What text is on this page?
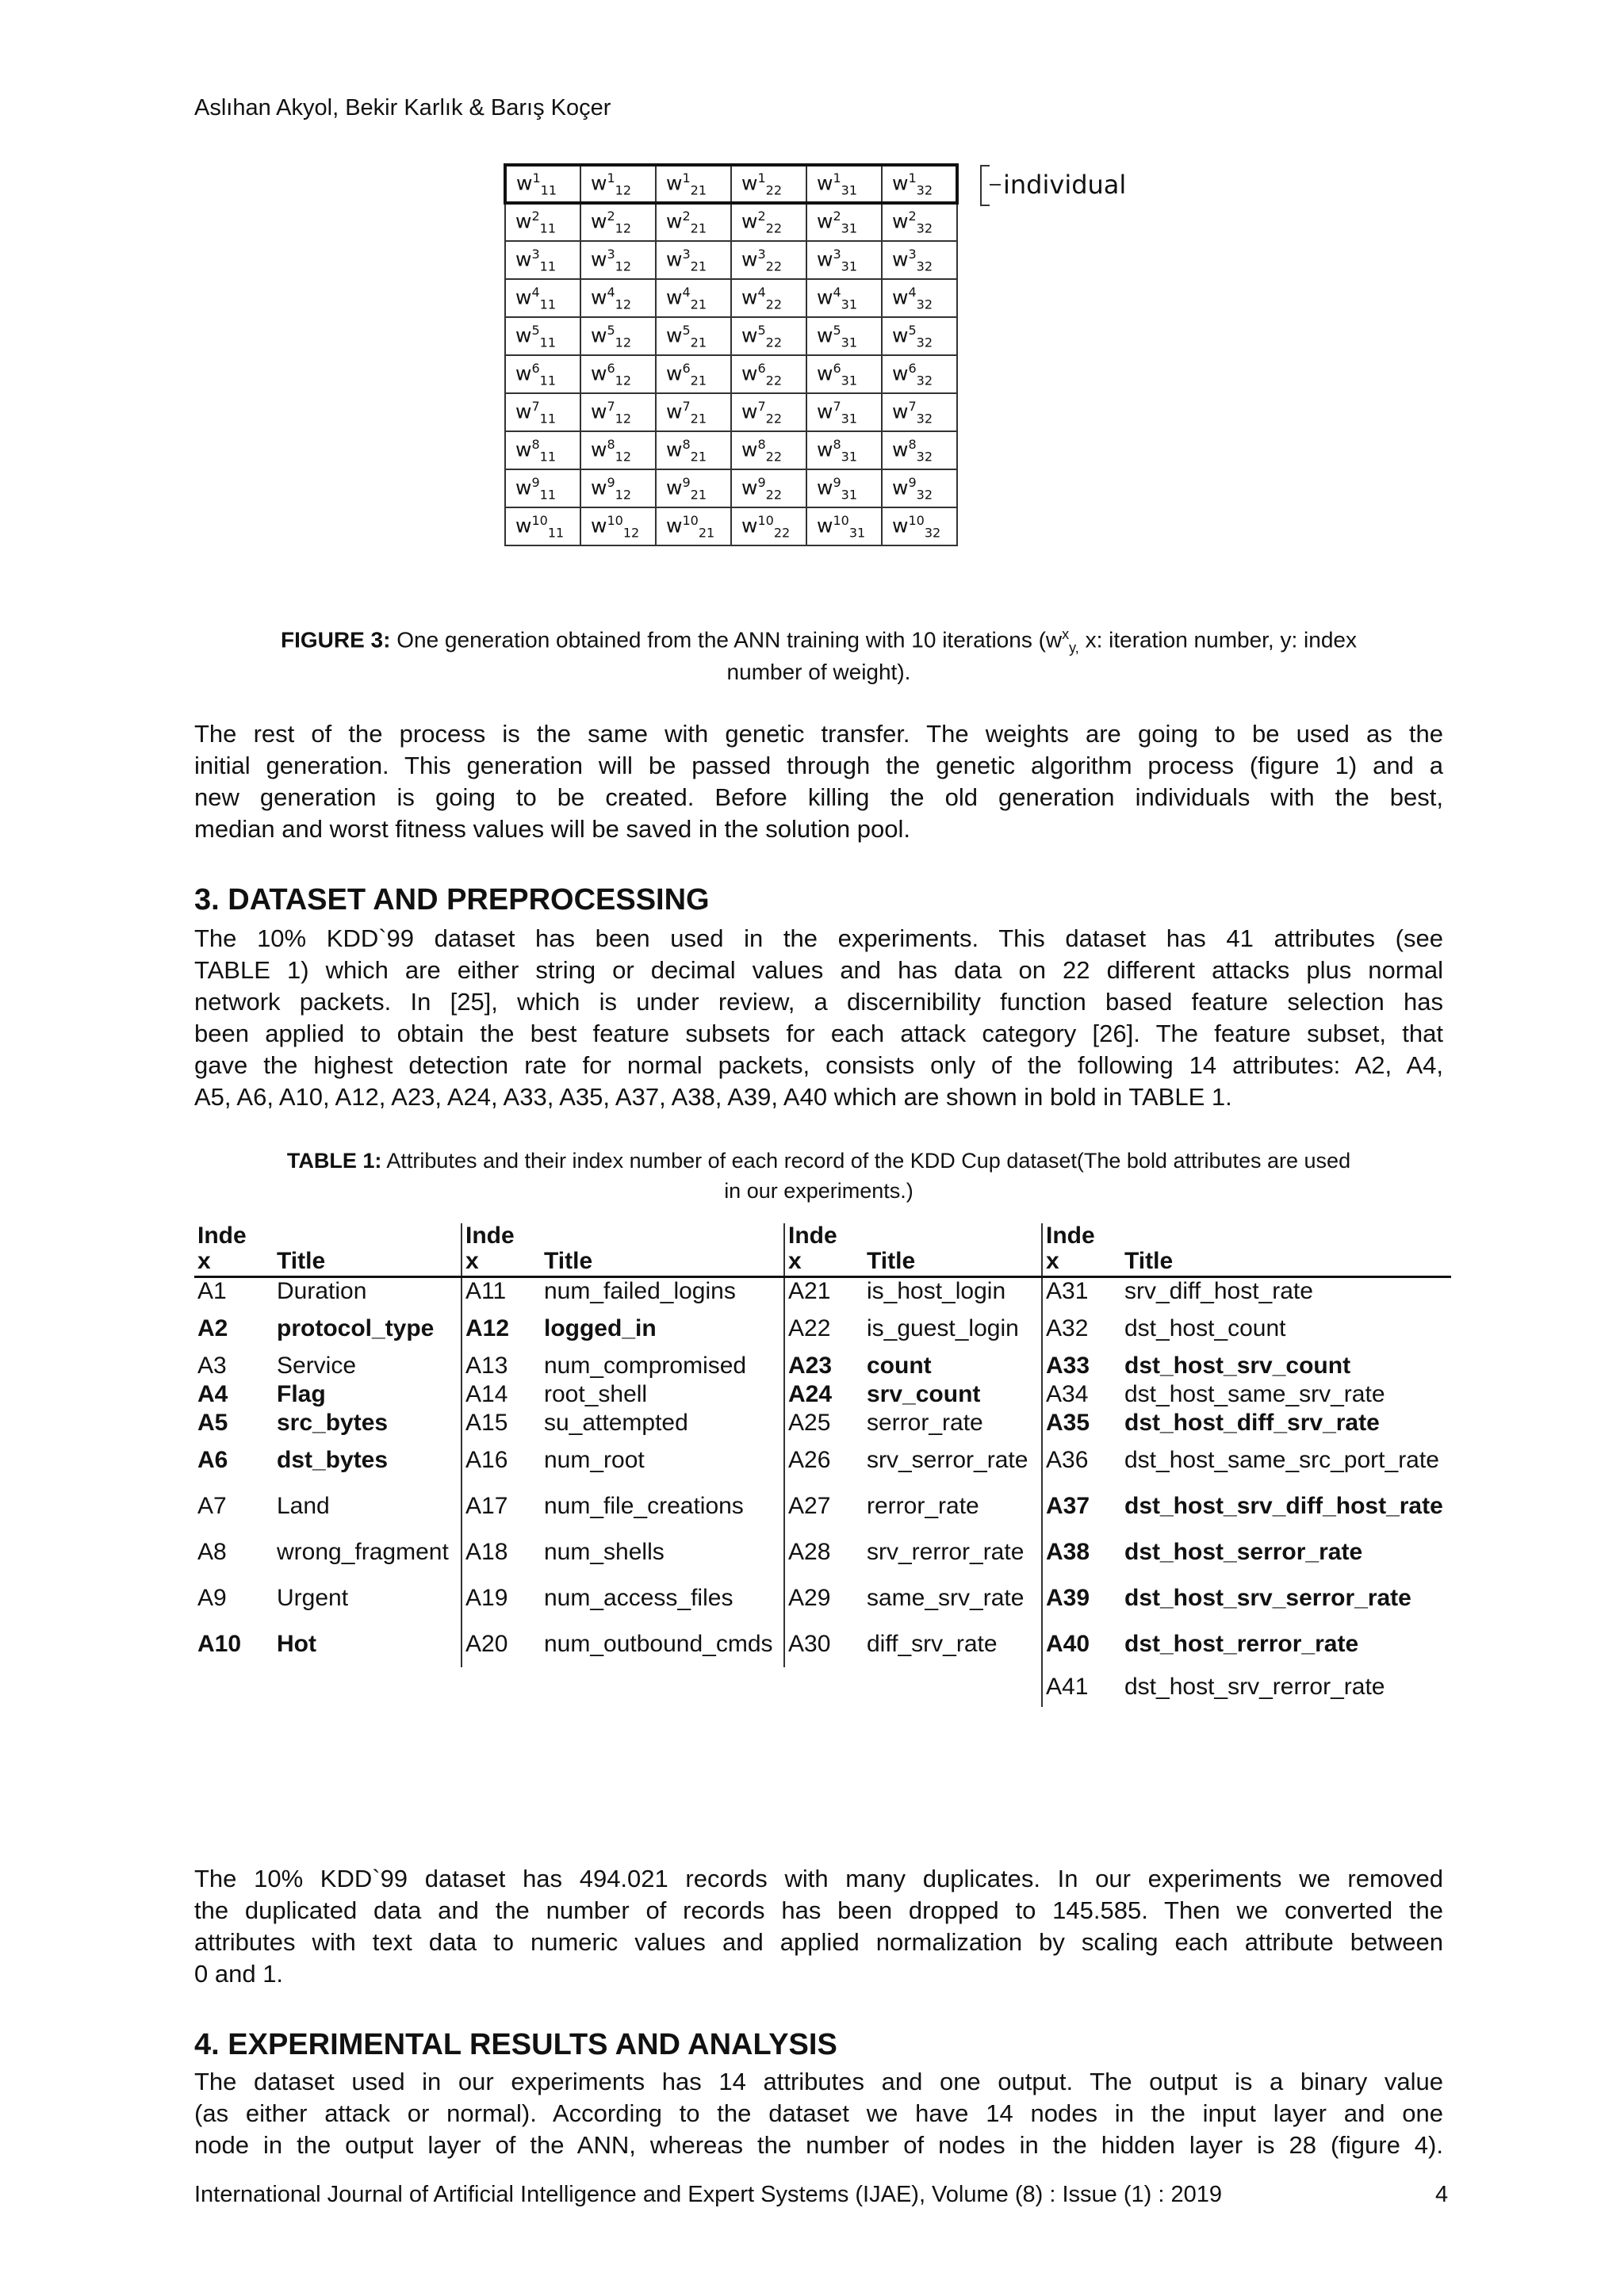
Aslıhan Akyol, Bekir Karlık & Barış Koçer
$w^1_{11}$	$w^1_{12}$	$w^1_{21}$	$w^1_{22}$	$w^1_{31}$	$w^1_{32}$
$w^2_{11}$	$w^2_{12}$	$w^2_{21}$	$w^2_{22}$	$w^2_{31}$	$w^2_{32}$
$w^3_{11}$	$w^3_{12}$	$w^3_{21}$	$w^3_{22}$	$w^3_{31}$	$w^3_{32}$
$w^4_{11}$	$w^4_{12}$	$w^4_{21}$	$w^4_{22}$	$w^4_{31}$	$w^4_{32}$
$w^5_{11}$	$w^5_{12}$	$w^5_{21}$	$w^5_{22}$	$w^5_{31}$	$w^5_{32}$
$w^6_{11}$	$w^6_{12}$	$w^6_{21}$	$w^6_{22}$	$w^6_{31}$	$w^6_{32}$
$w^7_{11}$	$w^7_{12}$	$w^7_{21}$	$w^7_{22}$	$w^7_{31}$	$w^7_{32}$
$w^8_{11}$	$w^8_{12}$	$w^8_{21}$	$w^8_{22}$	$w^8_{31}$	$w^8_{32}$
$w^9_{11}$	$w^9_{12}$	$w^9_{21}$	$w^9_{22}$	$w^9_{31}$	$w^9_{32}$
$w^{10}_{11}$	$w^{10}_{12}$	$w^{10}_{21}$	$w^{10}_{22}$	$w^{10}_{31}$	$w^{10}_{32}$
individual
FIGURE 3: One generation obtained from the ANN training with 10 iterations ($w^x_{y,}$ x: iteration number, y: index
number of weight).
The rest of the process is the same with genetic transfer. The weights are going to be used as the
initial generation. This generation will be passed through the genetic algorithm process (figure 1) and a
new generation is going to be created. Before killing the old generation individuals with the best,
median and worst fitness values will be saved in the solution pool.
3. DATASET AND PREPROCESSING
The 10% KDD`99 dataset has been used in the experiments. This dataset has 41 attributes (see
TABLE 1) which are either string or decimal values and has data on 22 different attacks plus normal
network packets. In [25], which is under review, a discernibility function based feature selection has
been applied to obtain the best feature subsets for each attack category [26]. The feature subset, that
gave the highest detection rate for normal packets, consists only of the following 14 attributes: A2, A4,
A5, A6, A10, A12, A23, A24, A33, A35, A37, A38, A39, A40 which are shown in bold in TABLE 1.
TABLE 1: Attributes and their index number of each record of the KDD Cup dataset(The bold attributes are used
in our experiments.)
Index	Title	Index	Title	Index	Title	Index	Title
A1	Duration	A11	num_failed_logins	A21	is_host_login	A31	srv_diff_host_rate
A2	protocol_type	A12	logged_in	A22	is_guest_login	A32	dst_host_count
A3	Service	A13	num_compromised	A23	count	A33	dst_host_srv_count
A4	Flag	A14	root_shell	A24	srv_count	A34	dst_host_same_srv_rate
A5	src_bytes	A15	su_attempted	A25	serror_rate	A35	dst_host_diff_srv_rate
A6	dst_bytes	A16	num_root	A26	srv_serror_rate	A36	dst_host_same_src_port_rate
A7	Land	A17	num_file_creations	A27	rerror_rate	A37	dst_host_srv_diff_host_rate
A8	wrong_fragment	A18	num_shells	A28	srv_rerror_rate	A38	dst_host_serror_rate
A9	Urgent	A19	num_access_files	A29	same_srv_rate	A39	dst_host_srv_serror_rate
A10	Hot	A20	num_outbound_cmds	A30	diff_srv_rate	A40	dst_host_rerror_rate
						A41	dst_host_srv_rerror_rate
The 10% KDD`99 dataset has 494.021 records with many duplicates. In our experiments we removed
the duplicated data and the number of records has been dropped to 145.585. Then we converted the
attributes with text data to numeric values and applied normalization by scaling each attribute between
0 and 1.
4. EXPERIMENTAL RESULTS AND ANALYSIS
The dataset used in our experiments has 14 attributes and one output. The output is a binary value
(as either attack or normal). According to the dataset we have 14 nodes in the input layer and one
node in the output layer of the ANN, whereas the number of nodes in the hidden layer is 28 (figure 4).
International Journal of Artificial Intelligence and Expert Systems (IJAE), Volume (8) : Issue (1) : 2019	4
